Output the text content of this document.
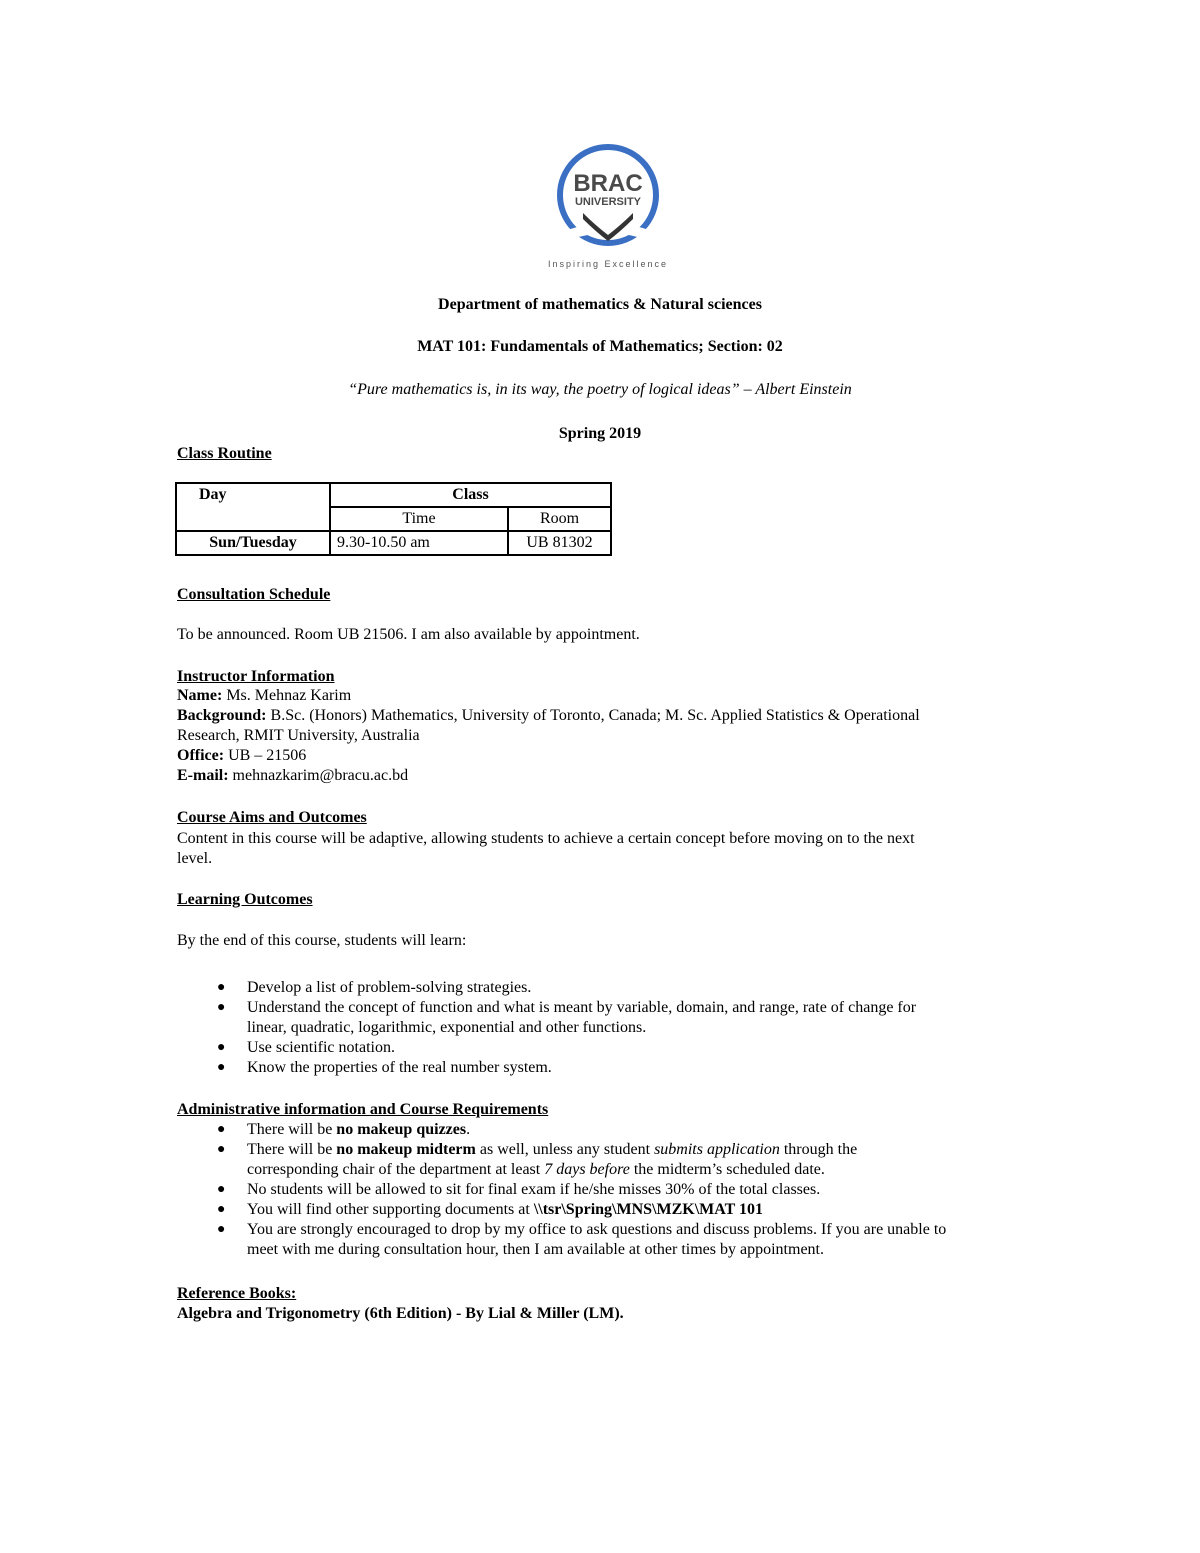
BRAC
UNIVERSITY
Inspiring Excellence
Department of mathematics & Natural sciences
MAT 101: Fundamentals of Mathematics; Section: 02
“Pure mathematics is, in its way, the poetry of logical ideas” – Albert Einstein
Spring 2019
Class Routine
Day	Class	
	Time	Room
Sun/Tuesday	9.30-10.50 am	UB 81302
Consultation Schedule
To be announced. Room UB 21506. I am also available by appointment.
Instructor Information
Name: Ms. Mehnaz Karim
Background: B.Sc. (Honors) Mathematics, University of Toronto, Canada; M. Sc. Applied Statistics & Operational
Research, RMIT University, Australia
Office: UB – 21506
E-mail: mehnazkarim@bracu.ac.bd
Course Aims and Outcomes
Content in this course will be adaptive, allowing students to achieve a certain concept before moving on to the next
level.
Learning Outcomes
By the end of this course, students will learn:
● Develop a list of problem-solving strategies.
● Understand the concept of function and what is meant by variable, domain, and range, rate of change for
linear, quadratic, logarithmic, exponential and other functions.
● Use scientific notation.
● Know the properties of the real number system.
Administrative information and Course Requirements
● There will be no makeup quizzes.
● There will be no makeup midterm as well, unless any student submits application through the
corresponding chair of the department at least 7 days before the midterm’s scheduled date.
● No students will be allowed to sit for final exam if he/she misses 30% of the total classes.
● You will find other supporting documents at \\tsr\Spring\MNS\MZK\MAT 101
● You are strongly encouraged to drop by my office to ask questions and discuss problems. If you are unable to
meet with me during consultation hour, then I am available at other times by appointment.
Reference Books:
Algebra and Trigonometry (6th Edition) - By Lial & Miller (LM).
